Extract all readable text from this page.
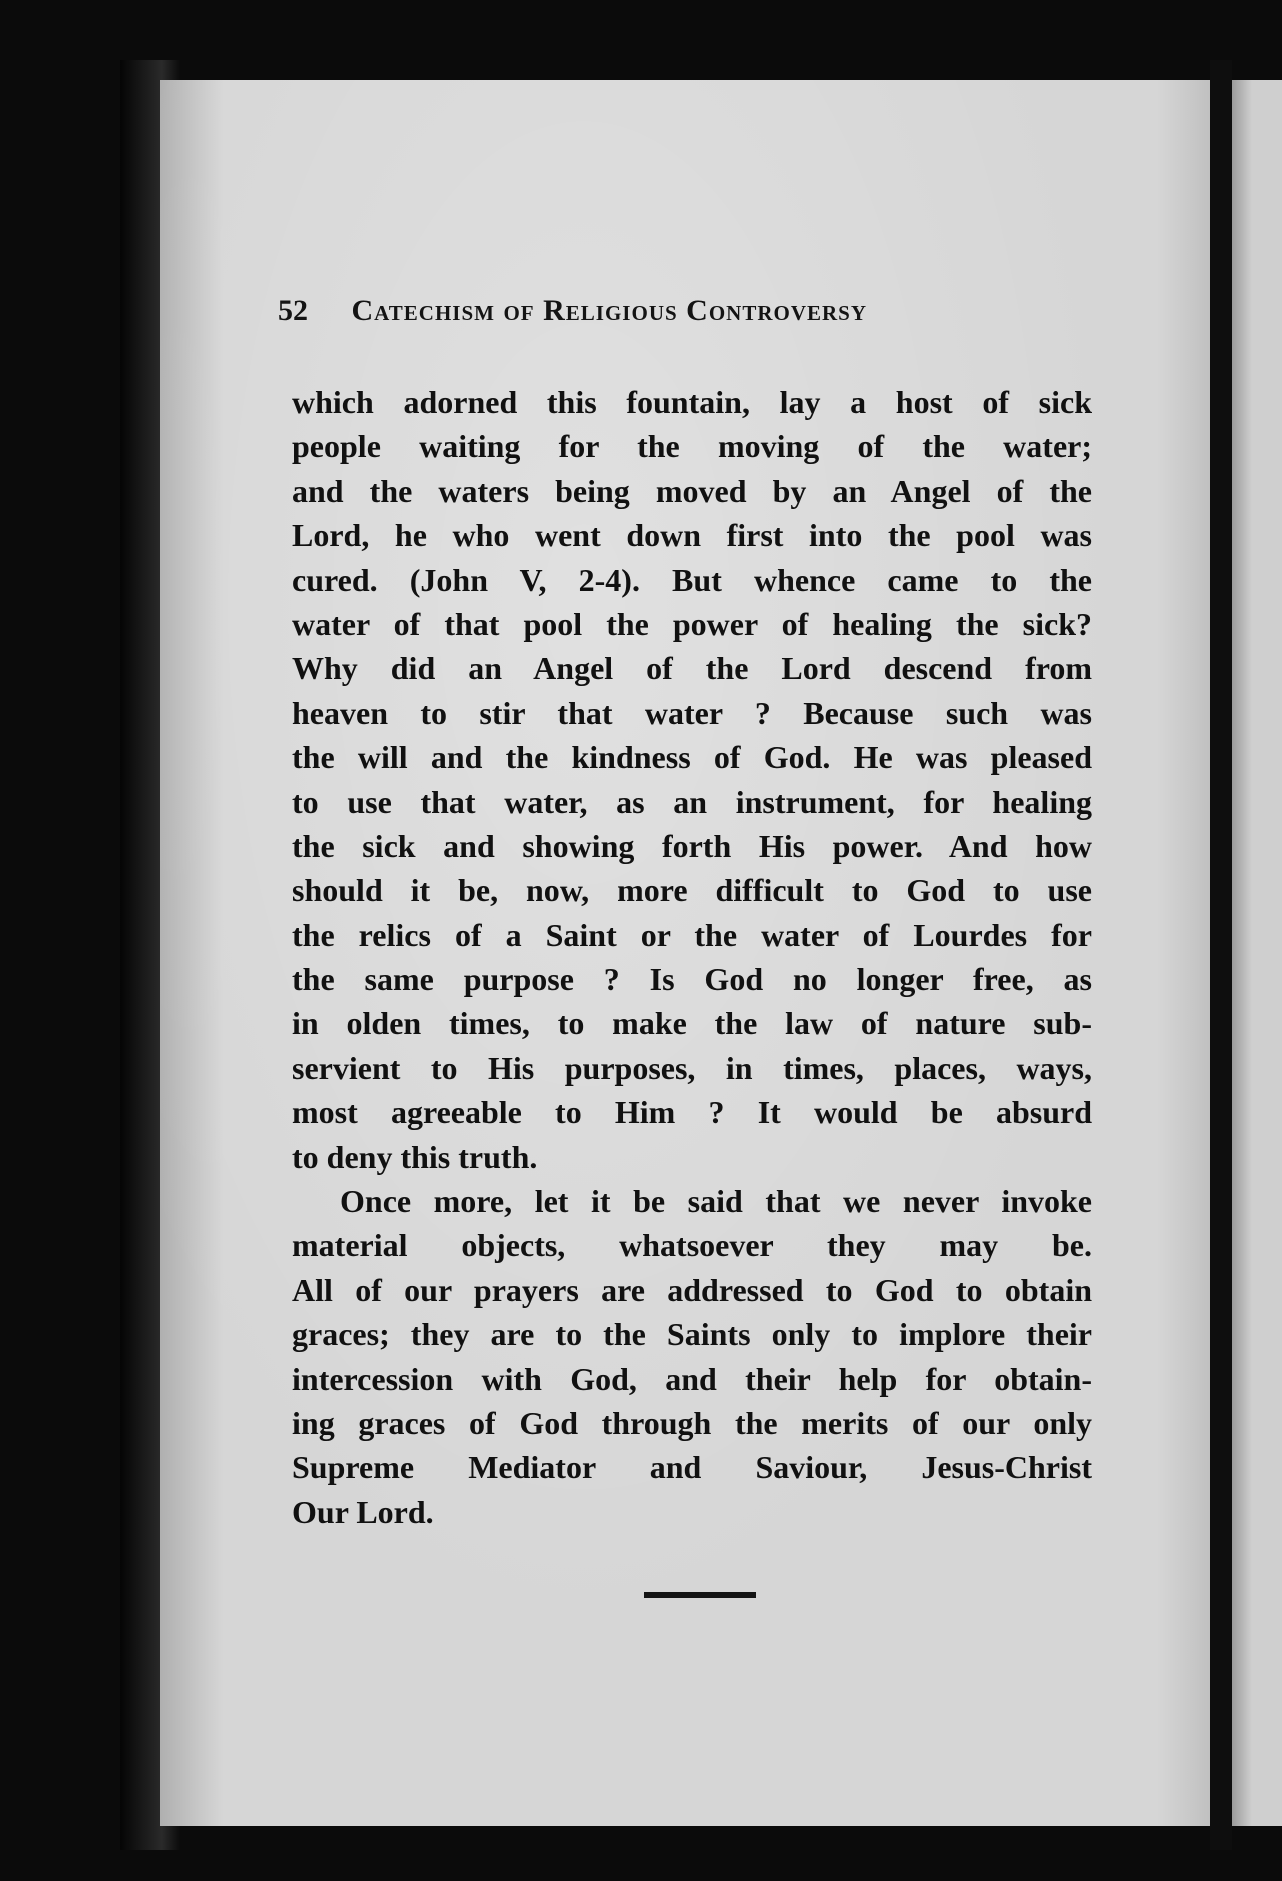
52 Catechism of Religious Controversy
which adorned this fountain, lay a host of sick
people waiting for the moving of the water;
and the waters being moved by an Angel of the
Lord, he who went down first into the pool was
cured. (John V, 2-4). But whence came to the
water of that pool the power of healing the sick?
Why did an Angel of the Lord descend from
heaven to stir that water ? Because such was
the will and the kindness of God. He was pleased
to use that water, as an instrument, for healing
the sick and showing forth His power. And how
should it be, now, more difficult to God to use
the relics of a Saint or the water of Lourdes for
the same purpose ? Is God no longer free, as
in olden times, to make the law of nature sub-
servient to His purposes, in times, places, ways,
most agreeable to Him ? It would be absurd
to deny this truth.
Once more, let it be said that we never invoke
material objects, whatsoever they may be.
All of our prayers are addressed to God to obtain
graces; they are to the Saints only to implore their
intercession with God, and their help for obtain-
ing graces of God through the merits of our only
Supreme Mediator and Saviour, Jesus-Christ
Our Lord.
